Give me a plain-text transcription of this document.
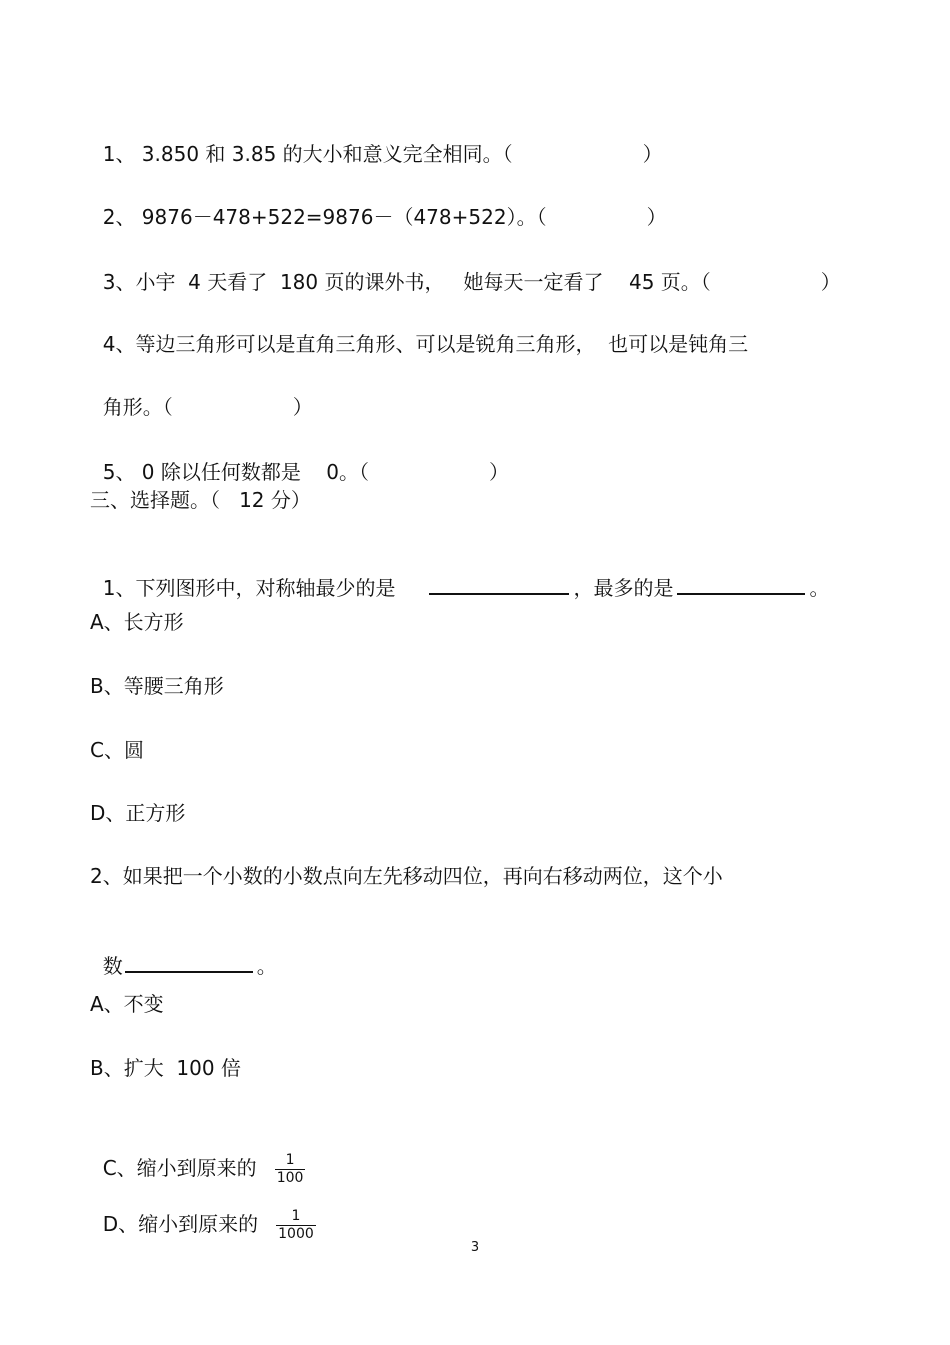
1、 3.850 和 3.85 的大小和意义完全相同。（	）

2、 9876－478+522=9876－（478+522）。（	）

3、小宇  4 天看了  180 页的课外书，   她每天一定看了    45 页。（	）

4、等边三角形可以是直角三角形、可以是锐角三角形，  也可以是钝角三

角形。（	）

5、 0 除以任何数都是    0。（	）

三、选择题。（   12 分）

1、下列图形中，对称轴最少的是	，最多的是	。

A、长方形
B、等腰三角形
C、圆
D、正方形
2、如果把一个小数的小数点向左先移动四位，再向右移动两位，这个小

数	。

A、不变
B、扩大  100 倍

C、缩小到原来的 $\frac{1}{100}$

D、缩小到原来的 $\frac{1}{1000}$

3
